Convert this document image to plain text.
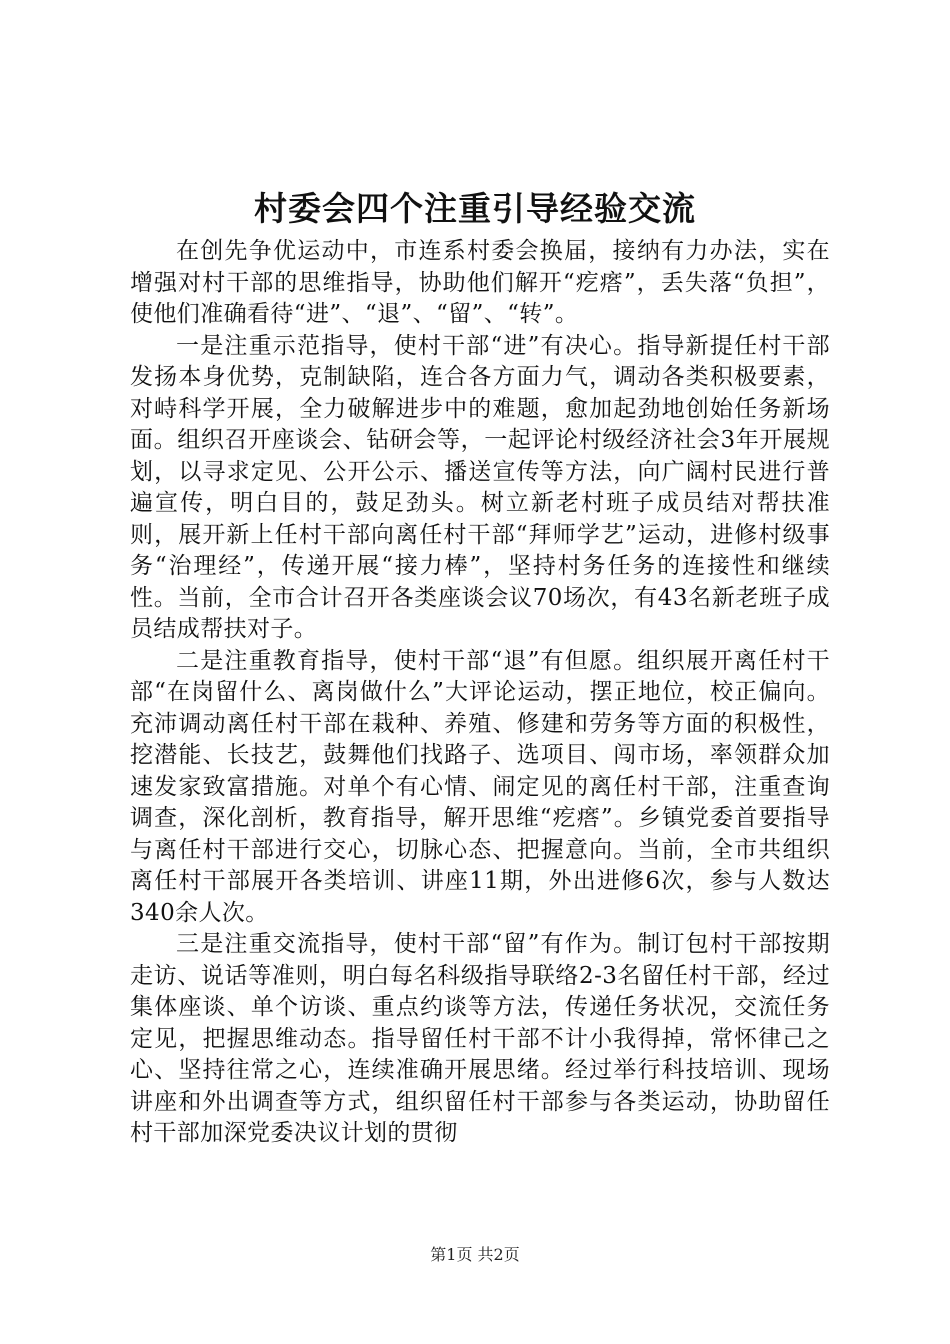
村委会四个注重引导经验交流

在创先争优运动中，市连系村委会换届，接纳有力办法，实在增强对村干部的思维指导，协助他们解开“疙瘩”，丢失落“负担”，使他们准确看待“进”、“退”、“留”、“转”。

一是注重示范指导，使村干部“进”有决心。指导新提任村干部发扬本身优势，克制缺陷，连合各方面力气，调动各类积极要素，对峙科学开展，全力破解进步中的难题，愈加起劲地创始任务新场面。组织召开座谈会、钻研会等，一起评论村级经济社会3年开展规划，以寻求定见、公开公示、播送宣传等方法，向广阔村民进行普遍宣传，明白目的，鼓足劲头。树立新老村班子成员结对帮扶准则，展开新上任村干部向离任村干部“拜师学艺”运动，进修村级事务“治理经”，传递开展“接力棒”，坚持村务任务的连接性和继续性。当前，全市合计召开各类座谈会议70场次，有43名新老班子成员结成帮扶对子。

二是注重教育指导，使村干部“退”有但愿。组织展开离任村干部“在岗留什么、离岗做什么”大评论运动，摆正地位，校正偏向。充沛调动离任村干部在栽种、养殖、修建和劳务等方面的积极性，挖潜能、长技艺，鼓舞他们找路子、选项目、闯市场，率领群众加速发家致富措施。对单个有心情、闹定见的离任村干部，注重查询调查，深化剖析，教育指导，解开思维“疙瘩”。乡镇党委首要指导与离任村干部进行交心，切脉心态、把握意向。当前，全市共组织离任村干部展开各类培训、讲座11期，外出进修6次，参与人数达340余人次。

三是注重交流指导，使村干部“留”有作为。制订包村干部按期走访、说话等准则，明白每名科级指导联络2-3名留任村干部，经过集体座谈、单个访谈、重点约谈等方法，传递任务状况，交流任务定见，把握思维动态。指导留任村干部不计小我得掉，常怀律己之心、坚持往常之心，连续准确开展思绪。经过举行科技培训、现场讲座和外出调查等方式，组织留任村干部参与各类运动，协助留任村干部加深党委决议计划的贯彻

第1页 共2页
